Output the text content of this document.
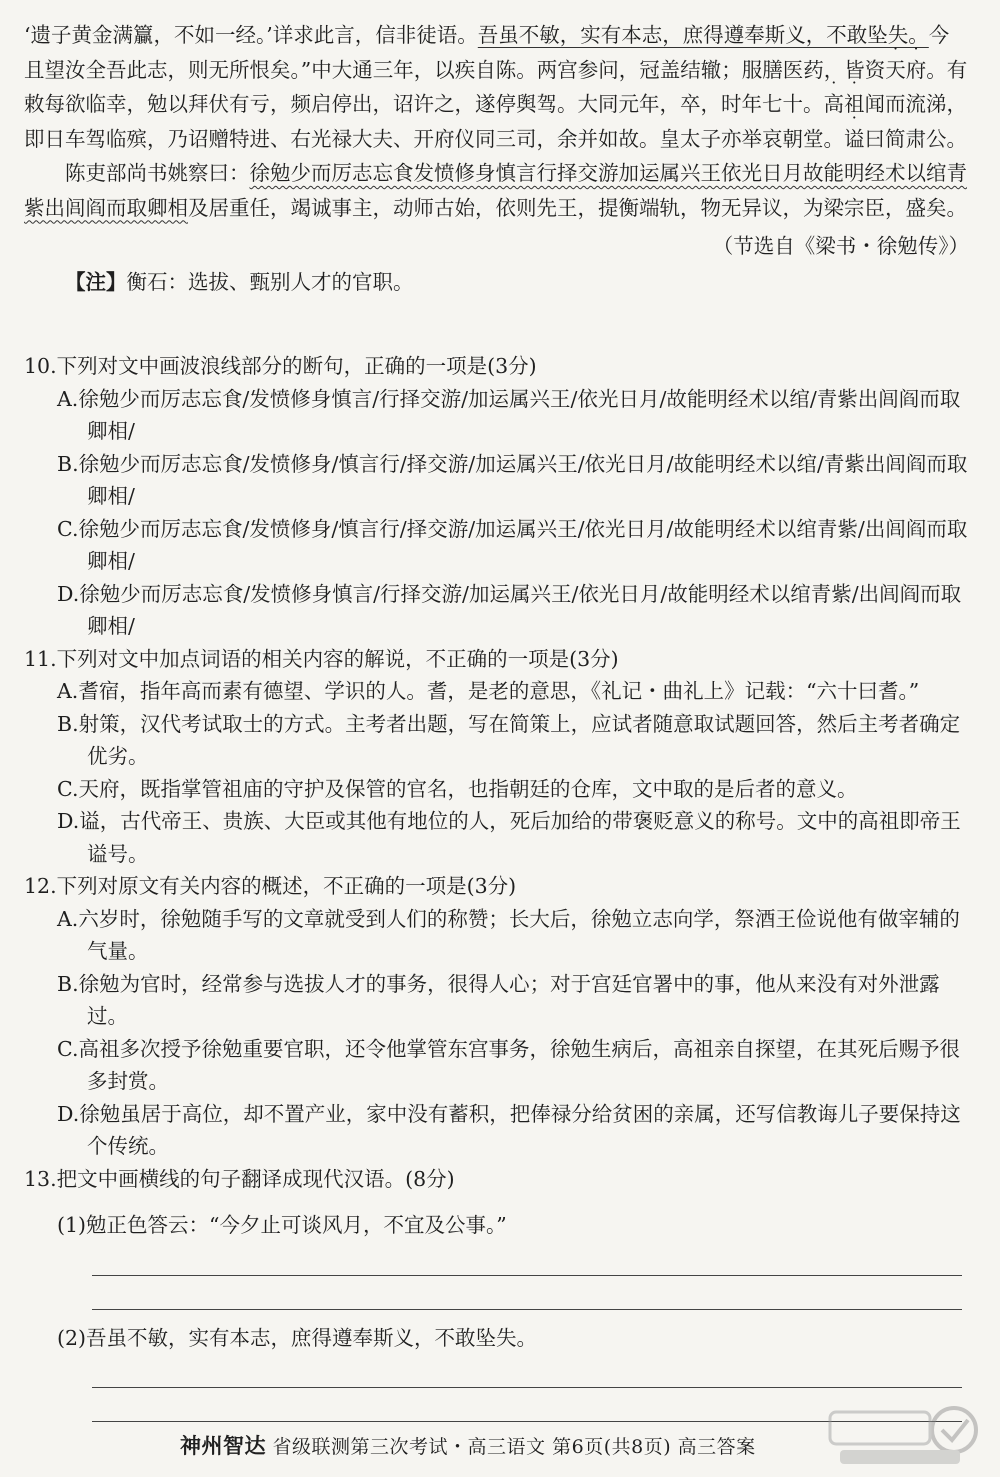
‘遗子黄金满籯，不如一经。’详求此言，信非徒语。吾虽不敏，实有本志，庶得遵奉斯义，不敢坠失。今且望汝全吾此志，则无所恨矣。”中大通三年，以疾自陈。两宫参问，冠盖结辙；服膳医药，皆资天府。有敕每欲临幸，勉以拜伏有亏，频启停出，诏许之，遂停舆驾。大同元年，卒，时年七十。高祖闻而流涕，即日车驾临殡，乃诏赠特进、右光禄大夫、开府仪同三司，余并如故。皇太子亦举哀朝堂。谥曰简肃公。

陈吏部尚书姚察曰：徐勉少而厉志忘食发愤修身慎言行择交游加运属兴王依光日月故能明经术以绾青紫出闾阎而取卿相及居重任，竭诚事主，动师古始，依则先王，提衡端轨，物无异议，为梁宗臣，盛矣。

（节选自《梁书・徐勉传》）

【注】衡石：选拔、甄别人才的官职。

10.下列对文中画波浪线部分的断句，正确的一项是(3分)

A.徐勉少而厉志忘食/发愤修身慎言/行择交游/加运属兴王/依光日月/故能明经术以绾/青紫出闾阎而取卿相/

B.徐勉少而厉志忘食/发愤修身/慎言行/择交游/加运属兴王/依光日月/故能明经术以绾/青紫出闾阎而取卿相/

C.徐勉少而厉志忘食/发愤修身/慎言行/择交游/加运属兴王/依光日月/故能明经术以绾青紫/出闾阎而取卿相/

D.徐勉少而厉志忘食/发愤修身慎言/行择交游/加运属兴王/依光日月/故能明经术以绾青紫/出闾阎而取卿相/

11.下列对文中加点词语的相关内容的解说，不正确的一项是(3分)

A.耆宿，指年高而素有德望、学识的人。耆，是老的意思，《礼记・曲礼上》记载：“六十曰耆。”

B.射策，汉代考试取士的方式。主考者出题，写在简策上，应试者随意取试题回答，然后主考者确定优劣。

C.天府，既指掌管祖庙的守护及保管的官名，也指朝廷的仓库，文中取的是后者的意义。

D.谥，古代帝王、贵族、大臣或其他有地位的人，死后加给的带褒贬意义的称号。文中的高祖即帝王谥号。

12.下列对原文有关内容的概述，不正确的一项是(3分)

A.六岁时，徐勉随手写的文章就受到人们的称赞；长大后，徐勉立志向学，祭酒王俭说他有做宰辅的气量。

B.徐勉为官时，经常参与选拔人才的事务，很得人心；对于宫廷官署中的事，他从来没有对外泄露过。

C.高祖多次授予徐勉重要官职，还令他掌管东宫事务，徐勉生病后，高祖亲自探望，在其死后赐予很多封赏。

D.徐勉虽居于高位，却不置产业，家中没有蓄积，把俸禄分给贫困的亲属，还写信教诲儿子要保持这个传统。

13.把文中画横线的句子翻译成现代汉语。(8分)

(1)勉正色答云：“今夕止可谈风月，不宜及公事。”

(2)吾虽不敏，实有本志，庶得遵奉斯义，不敢坠失。

神州智达 省级联测第三次考试・高三语文 第6页(共8页) 高三答案
